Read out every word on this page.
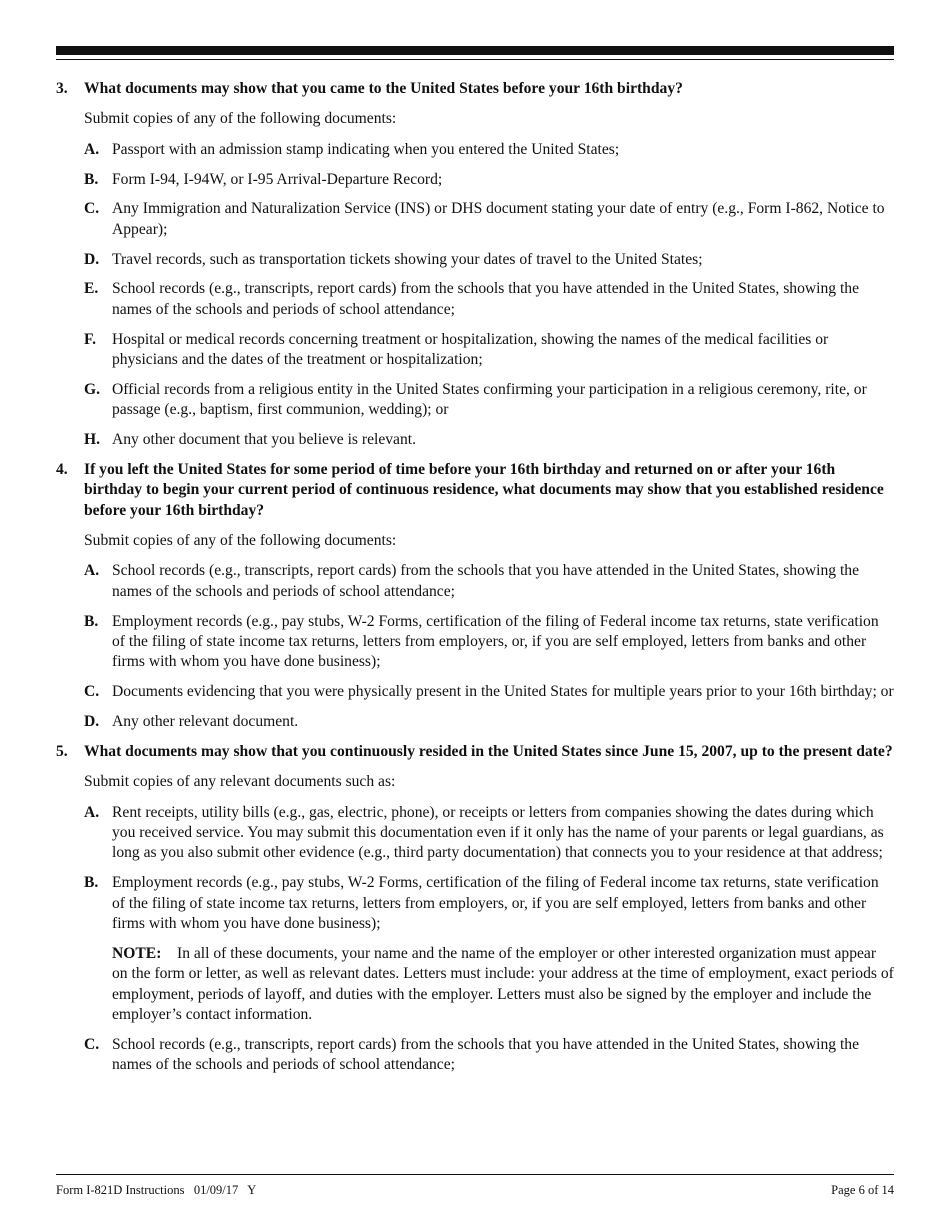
3.	What documents may show that you came to the United States before your 16th birthday?
Submit copies of any of the following documents:
A. Passport with an admission stamp indicating when you entered the United States;
B. Form I-94, I-94W, or I-95 Arrival-Departure Record;
C. Any Immigration and Naturalization Service (INS) or DHS document stating your date of entry (e.g., Form I-862, Notice to Appear);
D. Travel records, such as transportation tickets showing your dates of travel to the United States;
E. School records (e.g., transcripts, report cards) from the schools that you have attended in the United States, showing the names of the schools and periods of school attendance;
F.	Hospital or medical records concerning treatment or hospitalization, showing the names of the medical facilities or physicians and the dates of the treatment or hospitalization;
G. Official records from a religious entity in the United States confirming your participation in a religious ceremony, rite, or passage (e.g., baptism, first communion, wedding); or
H. Any other document that you believe is relevant.
4.	If you left the United States for some period of time before your 16th birthday and returned on or after your 16th birthday to begin your current period of continuous residence, what documents may show that you established residence before your 16th birthday?
Submit copies of any of the following documents:
A. School records (e.g., transcripts, report cards) from the schools that you have attended in the United States, showing the names of the schools and periods of school attendance;
B. Employment records (e.g., pay stubs, W-2 Forms, certification of the filing of Federal income tax returns, state verification of the filing of state income tax returns, letters from employers, or, if you are self employed, letters from banks and other firms with whom you have done business);
C. Documents evidencing that you were physically present in the United States for multiple years prior to your 16th birthday; or
D. Any other relevant document.
5.	What documents may show that you continuously resided in the United States since June 15, 2007, up to the present date?
Submit copies of any relevant documents such as:
A. Rent receipts, utility bills (e.g., gas, electric, phone), or receipts or letters from companies showing the dates during which you received service. You may submit this documentation even if it only has the name of your parents or legal guardians, as long as you also submit other evidence (e.g., third party documentation) that connects you to your residence at that address;
B. Employment records (e.g., pay stubs, W-2 Forms, certification of the filing of Federal income tax returns, state verification of the filing of state income tax returns, letters from employers, or, if you are self employed, letters from banks and other firms with whom you have done business);
NOTE: In all of these documents, your name and the name of the employer or other interested organization must appear on the form or letter, as well as relevant dates. Letters must include: your address at the time of employment, exact periods of employment, periods of layoff, and duties with the employer. Letters must also be signed by the employer and include the employer’s contact information.
C. School records (e.g., transcripts, report cards) from the schools that you have attended in the United States, showing the names of the schools and periods of school attendance;
Form I-821D Instructions   01/09/17   Y	Page 6 of 14
